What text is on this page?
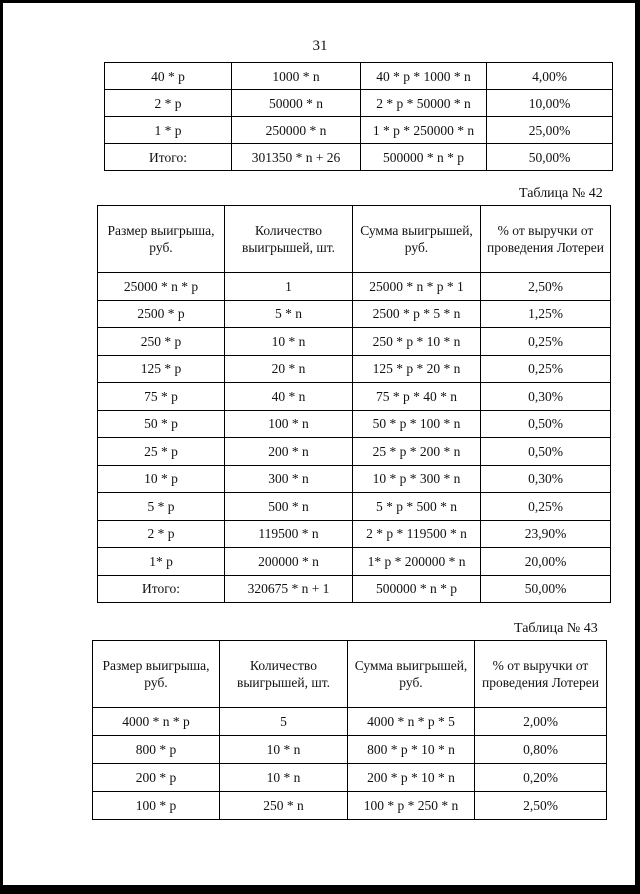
31
40 * p	1000 * n	40 * p * 1000 * n	4,00%
2 * p	50000 * n	2 * p * 50000 * n	10,00%
1 * p	250000 * n	1 * p * 250000 * n	25,00%
Итого:	301350 * n + 26	500000 * n * p	50,00%
Таблица № 42
Размер выигрыша, руб.	Количество выигрышей, шт.	Сумма выигрышей, руб.	% от выручки от проведения Лотереи
25000 * n * p	1	25000 * n * p * 1	2,50%
2500 * p	5 * n	2500 * p * 5 * n	1,25%
250 * p	10 * n	250 * p * 10 * n	0,25%
125 * p	20 * n	125 * p * 20 * n	0,25%
75 * p	40 * n	75 * p * 40 * n	0,30%
50 * p	100 * n	50 * p * 100 * n	0,50%
25 * p	200 * n	25 * p * 200 * n	0,50%
10 * p	300 * n	10 * p * 300 * n	0,30%
5 * p	500 * n	5 * p * 500 * n	0,25%
2 * p	119500 * n	2 * p * 119500 * n	23,90%
1* p	200000 * n	1* p * 200000 * n	20,00%
Итого:	320675 * n + 1	500000 * n * p	50,00%
Таблица № 43
Размер выигрыша, руб.	Количество выигрышей, шт.	Сумма выигрышей, руб.	% от выручки от проведения Лотереи
4000 * n * p	5	4000 * n * p * 5	2,00%
800 * p	10 * n	800 * p * 10 * n	0,80%
200 * p	10 * n	200 * p * 10 * n	0,20%
100 * p	250 * n	100 * p * 250 * n	2,50%
